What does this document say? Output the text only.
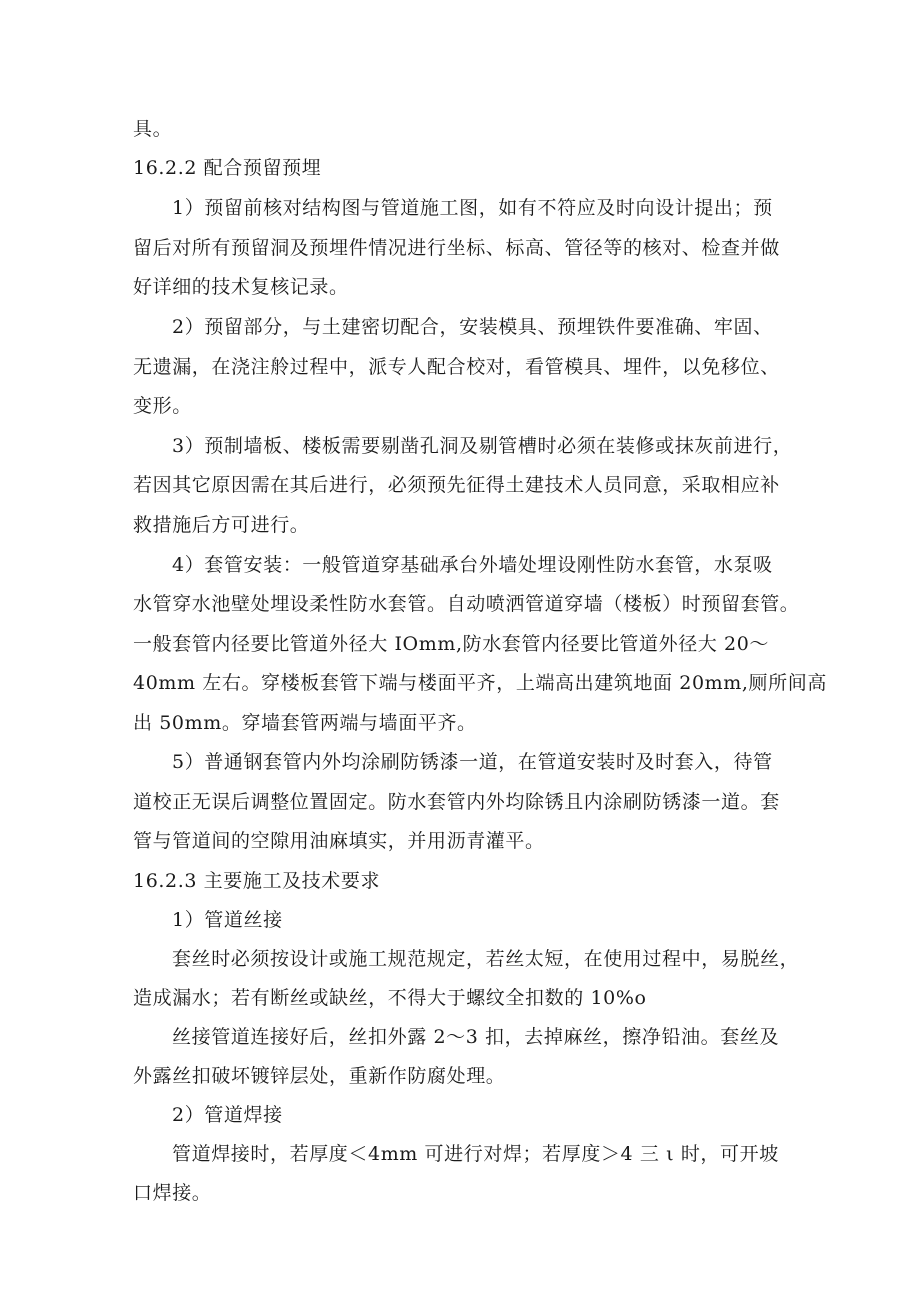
具。
16.2.2 配合预留预埋
1）预留前核对结构图与管道施工图，如有不符应及时向设计提出；预
留后对所有预留洞及预埋件情况进行坐标、标高、管径等的核对、检查并做
好详细的技术复核记录。
2）预留部分，与土建密切配合，安装模具、预埋铁件要准确、牢固、
无遗漏，在浇注舲过程中，派专人配合校对，看管模具、埋件，以免移位、
变形。
3）预制墙板、楼板需要剔凿孔洞及剔管槽时必须在装修或抹灰前进行，
若因其它原因需在其后进行，必须预先征得土建技术人员同意，采取相应补
救措施后方可进行。
4）套管安装：一般管道穿基础承台外墙处埋设刚性防水套管，水泵吸
水管穿水池壁处埋设柔性防水套管。自动喷洒管道穿墙（楼板）时预留套管。
一般套管内径要比管道外径大 IOmm,防水套管内径要比管道外径大 20～
40mm 左右。穿楼板套管下端与楼面平齐，上端高出建筑地面 20mm,厕所间高
出 50mm。穿墙套管两端与墙面平齐。
5）普通钢套管内外均涂刷防锈漆一道，在管道安装时及时套入，待管
道校正无误后调整位置固定。防水套管内外均除锈且内涂刷防锈漆一道。套
管与管道间的空隙用油麻填实，并用沥青灌平。
16.2.3 主要施工及技术要求
1）管道丝接
套丝时必须按设计或施工规范规定，若丝太短，在使用过程中，易脱丝，
造成漏水；若有断丝或缺丝，不得大于螺纹全扣数的 10%o
丝接管道连接好后，丝扣外露 2～3 扣，去掉麻丝，擦净铅油。套丝及
外露丝扣破坏镀锌层处，重新作防腐处理。
2）管道焊接
管道焊接时，若厚度＜4mm 可进行对焊；若厚度＞4 三 ι 时，可开坡
口焊接。
